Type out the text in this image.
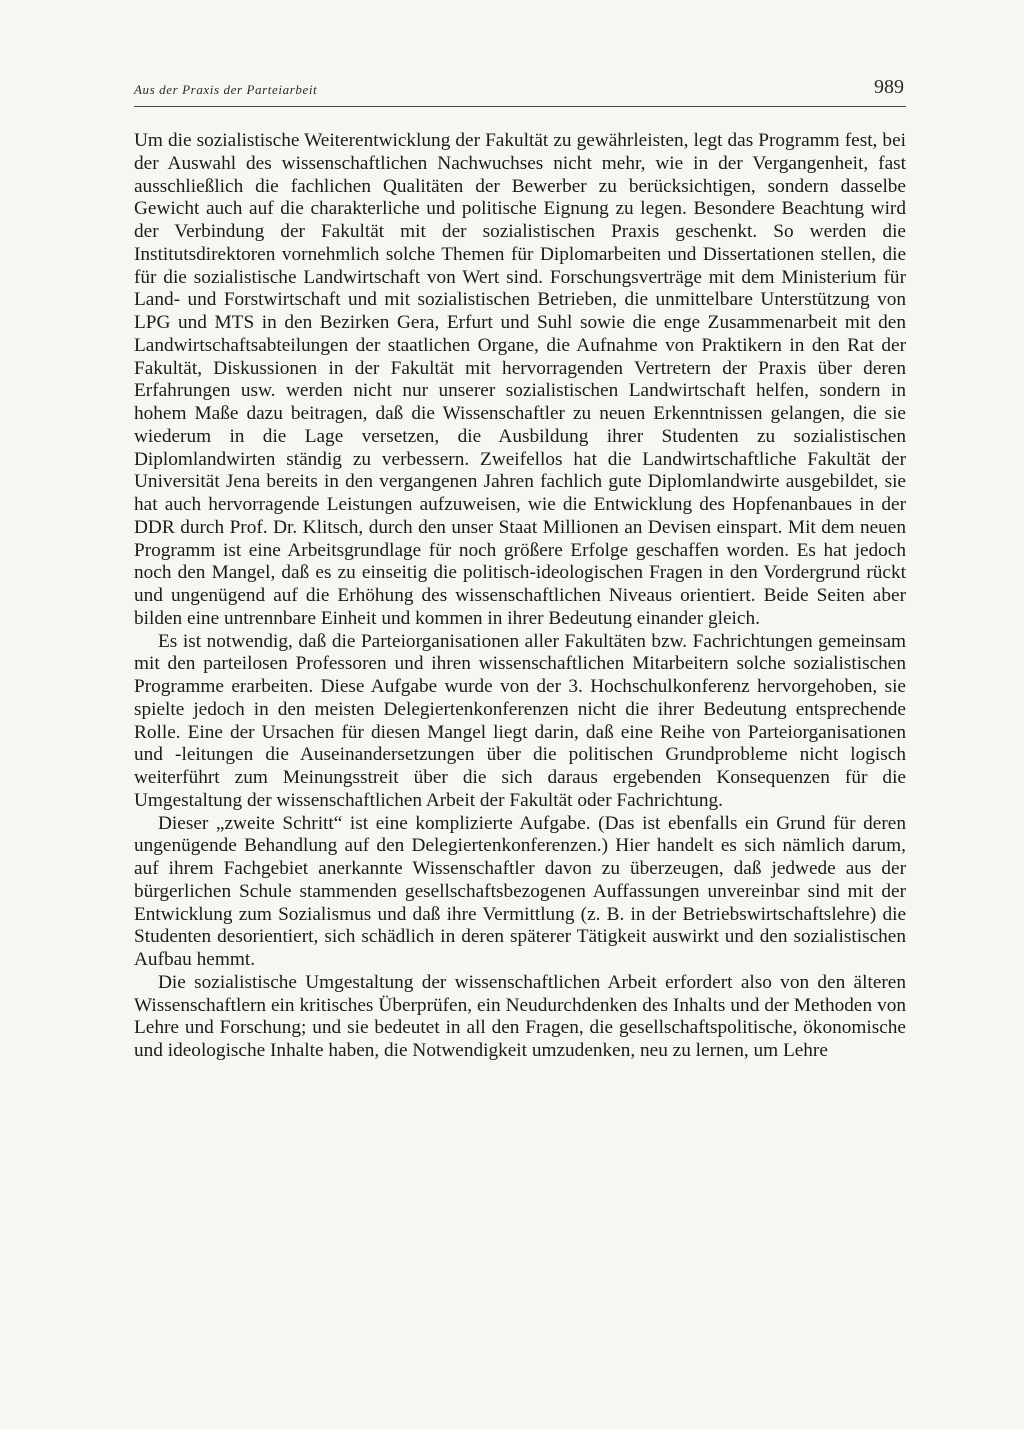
Aus der Praxis der Parteiarbeit	989

Um die sozialistische Weiterentwicklung der Fakultät zu gewährleisten, legt das Programm fest, bei der Auswahl des wissenschaftlichen Nachwuchses nicht mehr, wie in der Vergangenheit, fast ausschließlich die fachlichen Qualitäten der Bewerber zu berücksichtigen, sondern dasselbe Gewicht auch auf die charakterliche und politische Eignung zu legen. Besondere Beachtung wird der Verbindung der Fakultät mit der sozialistischen Praxis geschenkt. So werden die Institutsdirektoren vornehmlich solche Themen für Diplomarbeiten und Dissertationen stellen, die für die sozialistische Landwirtschaft von Wert sind. Forschungsverträge mit dem Ministerium für Land- und Forstwirtschaft und mit sozialistischen Betrieben, die unmittelbare Unterstützung von LPG und MTS in den Bezirken Gera, Erfurt und Suhl sowie die enge Zusammenarbeit mit den Landwirtschaftsabteilungen der staatlichen Organe, die Aufnahme von Praktikern in den Rat der Fakultät, Diskussionen in der Fakultät mit hervorragenden Vertretern der Praxis über deren Erfahrungen usw. werden nicht nur unserer sozialistischen Landwirtschaft helfen, sondern in hohem Maße dazu beitragen, daß die Wissenschaftler zu neuen Erkenntnissen gelangen, die sie wiederum in die Lage versetzen, die Ausbildung ihrer Studenten zu sozialistischen Diplomlandwirten ständig zu verbessern. Zweifellos hat die Landwirtschaftliche Fakultät der Universität Jena bereits in den vergangenen Jahren fachlich gute Diplomlandwirte ausgebildet, sie hat auch hervorragende Leistungen aufzuweisen, wie die Entwicklung des Hopfenanbaues in der DDR durch Prof. Dr. Klitsch, durch den unser Staat Millionen an Devisen einspart. Mit dem neuen Programm ist eine Arbeitsgrundlage für noch größere Erfolge geschaffen worden. Es hat jedoch noch den Mangel, daß es zu einseitig die politisch-ideologischen Fragen in den Vordergrund rückt und ungenügend auf die Erhöhung des wissenschaftlichen Niveaus orientiert. Beide Seiten aber bilden eine untrennbare Einheit und kommen in ihrer Bedeutung einander gleich.

Es ist notwendig, daß die Parteiorganisationen aller Fakultäten bzw. Fachrichtungen gemeinsam mit den parteilosen Professoren und ihren wissenschaftlichen Mitarbeitern solche sozialistischen Programme erarbeiten. Diese Aufgabe wurde von der 3. Hochschulkonferenz hervorgehoben, sie spielte jedoch in den meisten Delegiertenkonferenzen nicht die ihrer Bedeutung entsprechende Rolle. Eine der Ursachen für diesen Mangel liegt darin, daß eine Reihe von Parteiorganisationen und -leitungen die Auseinandersetzungen über die politischen Grundprobleme nicht logisch weiterführt zum Meinungsstreit über die sich daraus ergebenden Konsequenzen für die Umgestaltung der wissenschaftlichen Arbeit der Fakultät oder Fachrichtung.

Dieser „zweite Schritt“ ist eine komplizierte Aufgabe. (Das ist ebenfalls ein Grund für deren ungenügende Behandlung auf den Delegiertenkonferenzen.) Hier handelt es sich nämlich darum, auf ihrem Fachgebiet anerkannte Wissenschaftler davon zu überzeugen, daß jedwede aus der bürgerlichen Schule stammenden gesellschaftsbezogenen Auffassungen unvereinbar sind mit der Entwicklung zum Sozialismus und daß ihre Vermittlung (z. B. in der Betriebswirtschaftslehre) die Studenten desorientiert, sich schädlich in deren späterer Tätigkeit auswirkt und den sozialistischen Aufbau hemmt.

Die sozialistische Umgestaltung der wissenschaftlichen Arbeit erfordert also von den älteren Wissenschaftlern ein kritisches Überprüfen, ein Neudurchdenken des Inhalts und der Methoden von Lehre und Forschung; und sie bedeutet in all den Fragen, die gesellschaftspolitische, ökonomische und ideologische Inhalte haben, die Notwendigkeit umzudenken, neu zu lernen, um Lehre
